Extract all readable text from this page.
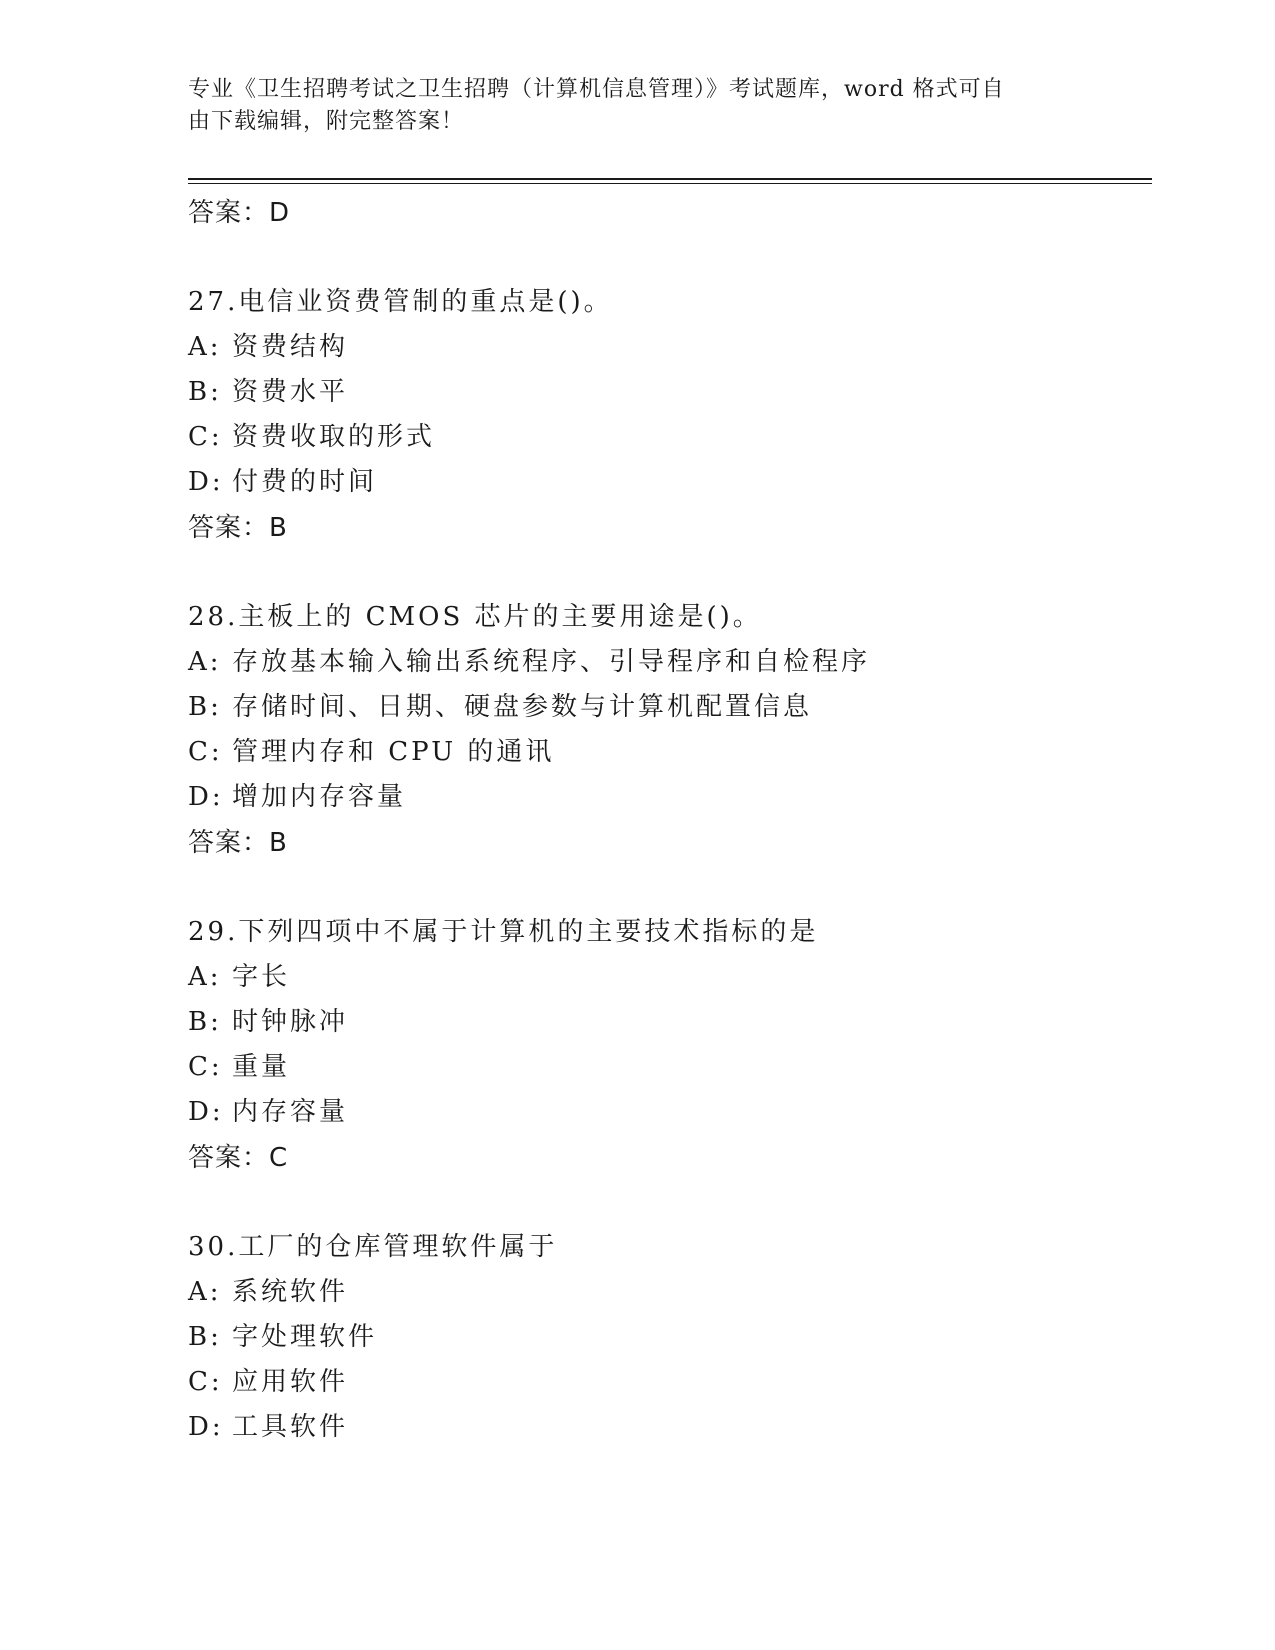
专业《卫生招聘考试之卫生招聘（计算机信息管理）》考试题库，word 格式可自
由下载编辑，附完整答案！
答案：D
27.电信业资费管制的重点是()。
A: 资费结构
B: 资费水平
C: 资费收取的形式
D: 付费的时间
答案：B
28.主板上的 CMOS 芯片的主要用途是()。
A: 存放基本输入输出系统程序、引导程序和自检程序
B: 存储时间、日期、硬盘参数与计算机配置信息
C: 管理内存和 CPU 的通讯
D: 增加内存容量
答案：B
29.下列四项中不属于计算机的主要技术指标的是
A: 字长
B: 时钟脉冲
C: 重量
D: 内存容量
答案：C
30.工厂的仓库管理软件属于
A: 系统软件
B: 字处理软件
C: 应用软件
D: 工具软件
